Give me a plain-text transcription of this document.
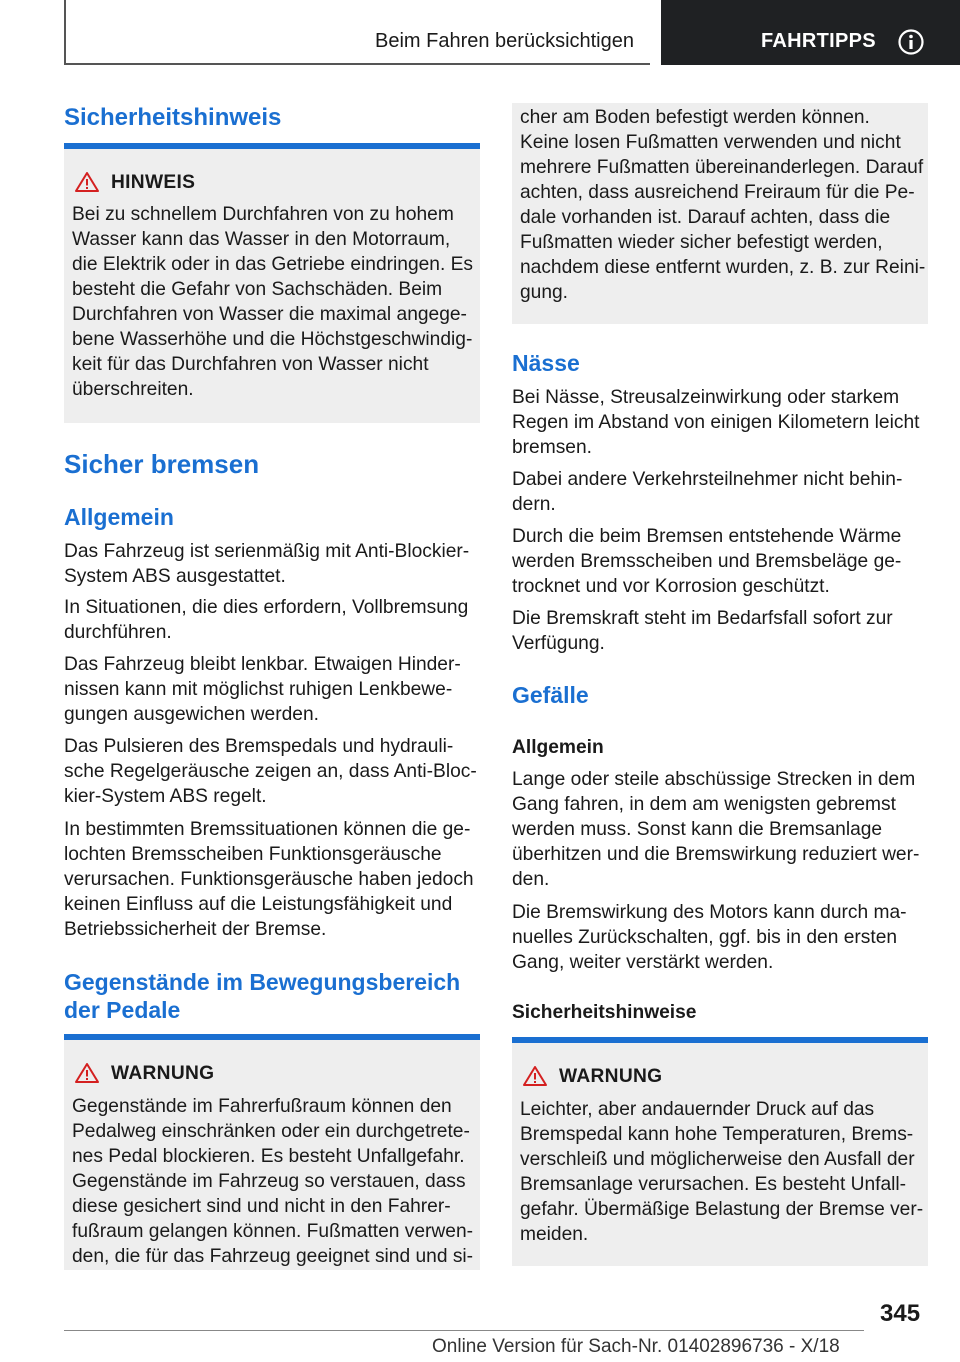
Beim Fahren berücksichtigen	FAHRTIPPS
Sicherheitshinweis
HINWEIS
Bei zu schnellem Durchfahren von zu hohem
Wasser kann das Wasser in den Motorraum,
die Elektrik oder in das Getriebe eindringen. Es
besteht die Gefahr von Sachschäden. Beim
Durchfahren von Wasser die maximal angege-
bene Wasserhöhe und die Höchstgeschwindig-
keit für das Durchfahren von Wasser nicht
überschreiten.
Sicher bremsen
Allgemein
Das Fahrzeug ist serienmäßig mit Anti-Blockier-
System ABS ausgestattet.
In Situationen, die dies erfordern, Vollbremsung
durchführen.
Das Fahrzeug bleibt lenkbar. Etwaigen Hinder-
nissen kann mit möglichst ruhigen Lenkbewe-
gungen ausgewichen werden.
Das Pulsieren des Bremspedals und hydrauli-
sche Regelgeräusche zeigen an, dass Anti-Bloc-
kier-System ABS regelt.
In bestimmten Bremssituationen können die ge-
lochten Bremsscheiben Funktionsgeräusche
verursachen. Funktionsgeräusche haben jedoch
keinen Einfluss auf die Leistungsfähigkeit und
Betriebssicherheit der Bremse.
Gegenstände im Bewegungsbereich
der Pedale
WARNUNG
Gegenstände im Fahrerfußraum können den
Pedalweg einschränken oder ein durchgetrete-
nes Pedal blockieren. Es besteht Unfallgefahr.
Gegenstände im Fahrzeug so verstauen, dass
diese gesichert sind und nicht in den Fahrer-
fußraum gelangen können. Fußmatten verwen-
den, die für das Fahrzeug geeignet sind und si-
cher am Boden befestigt werden können.
Keine losen Fußmatten verwenden und nicht
mehrere Fußmatten übereinanderlegen. Darauf
achten, dass ausreichend Freiraum für die Pe-
dale vorhanden ist. Darauf achten, dass die
Fußmatten wieder sicher befestigt werden,
nachdem diese entfernt wurden, z. B. zur Reini-
gung.
Nässe
Bei Nässe, Streusalzeinwirkung oder starkem
Regen im Abstand von einigen Kilometern leicht
bremsen.
Dabei andere Verkehrsteilnehmer nicht behin-
dern.
Durch die beim Bremsen entstehende Wärme
werden Bremsscheiben und Bremsbeläge ge-
trocknet und vor Korrosion geschützt.
Die Bremskraft steht im Bedarfsfall sofort zur
Verfügung.
Gefälle
Allgemein
Lange oder steile abschüssige Strecken in dem
Gang fahren, in dem am wenigsten gebremst
werden muss. Sonst kann die Bremsanlage
überhitzen und die Bremswirkung reduziert wer-
den.
Die Bremswirkung des Motors kann durch ma-
nuelles Zurückschalten, ggf. bis in den ersten
Gang, weiter verstärkt werden.
Sicherheitshinweise
WARNUNG
Leichter, aber andauernder Druck auf das
Bremspedal kann hohe Temperaturen, Brems-
verschleiß und möglicherweise den Ausfall der
Bremsanlage verursachen. Es besteht Unfall-
gefahr. Übermäßige Belastung der Bremse ver-
meiden.
345
Online Version für Sach-Nr. 01402896736 - X/18
